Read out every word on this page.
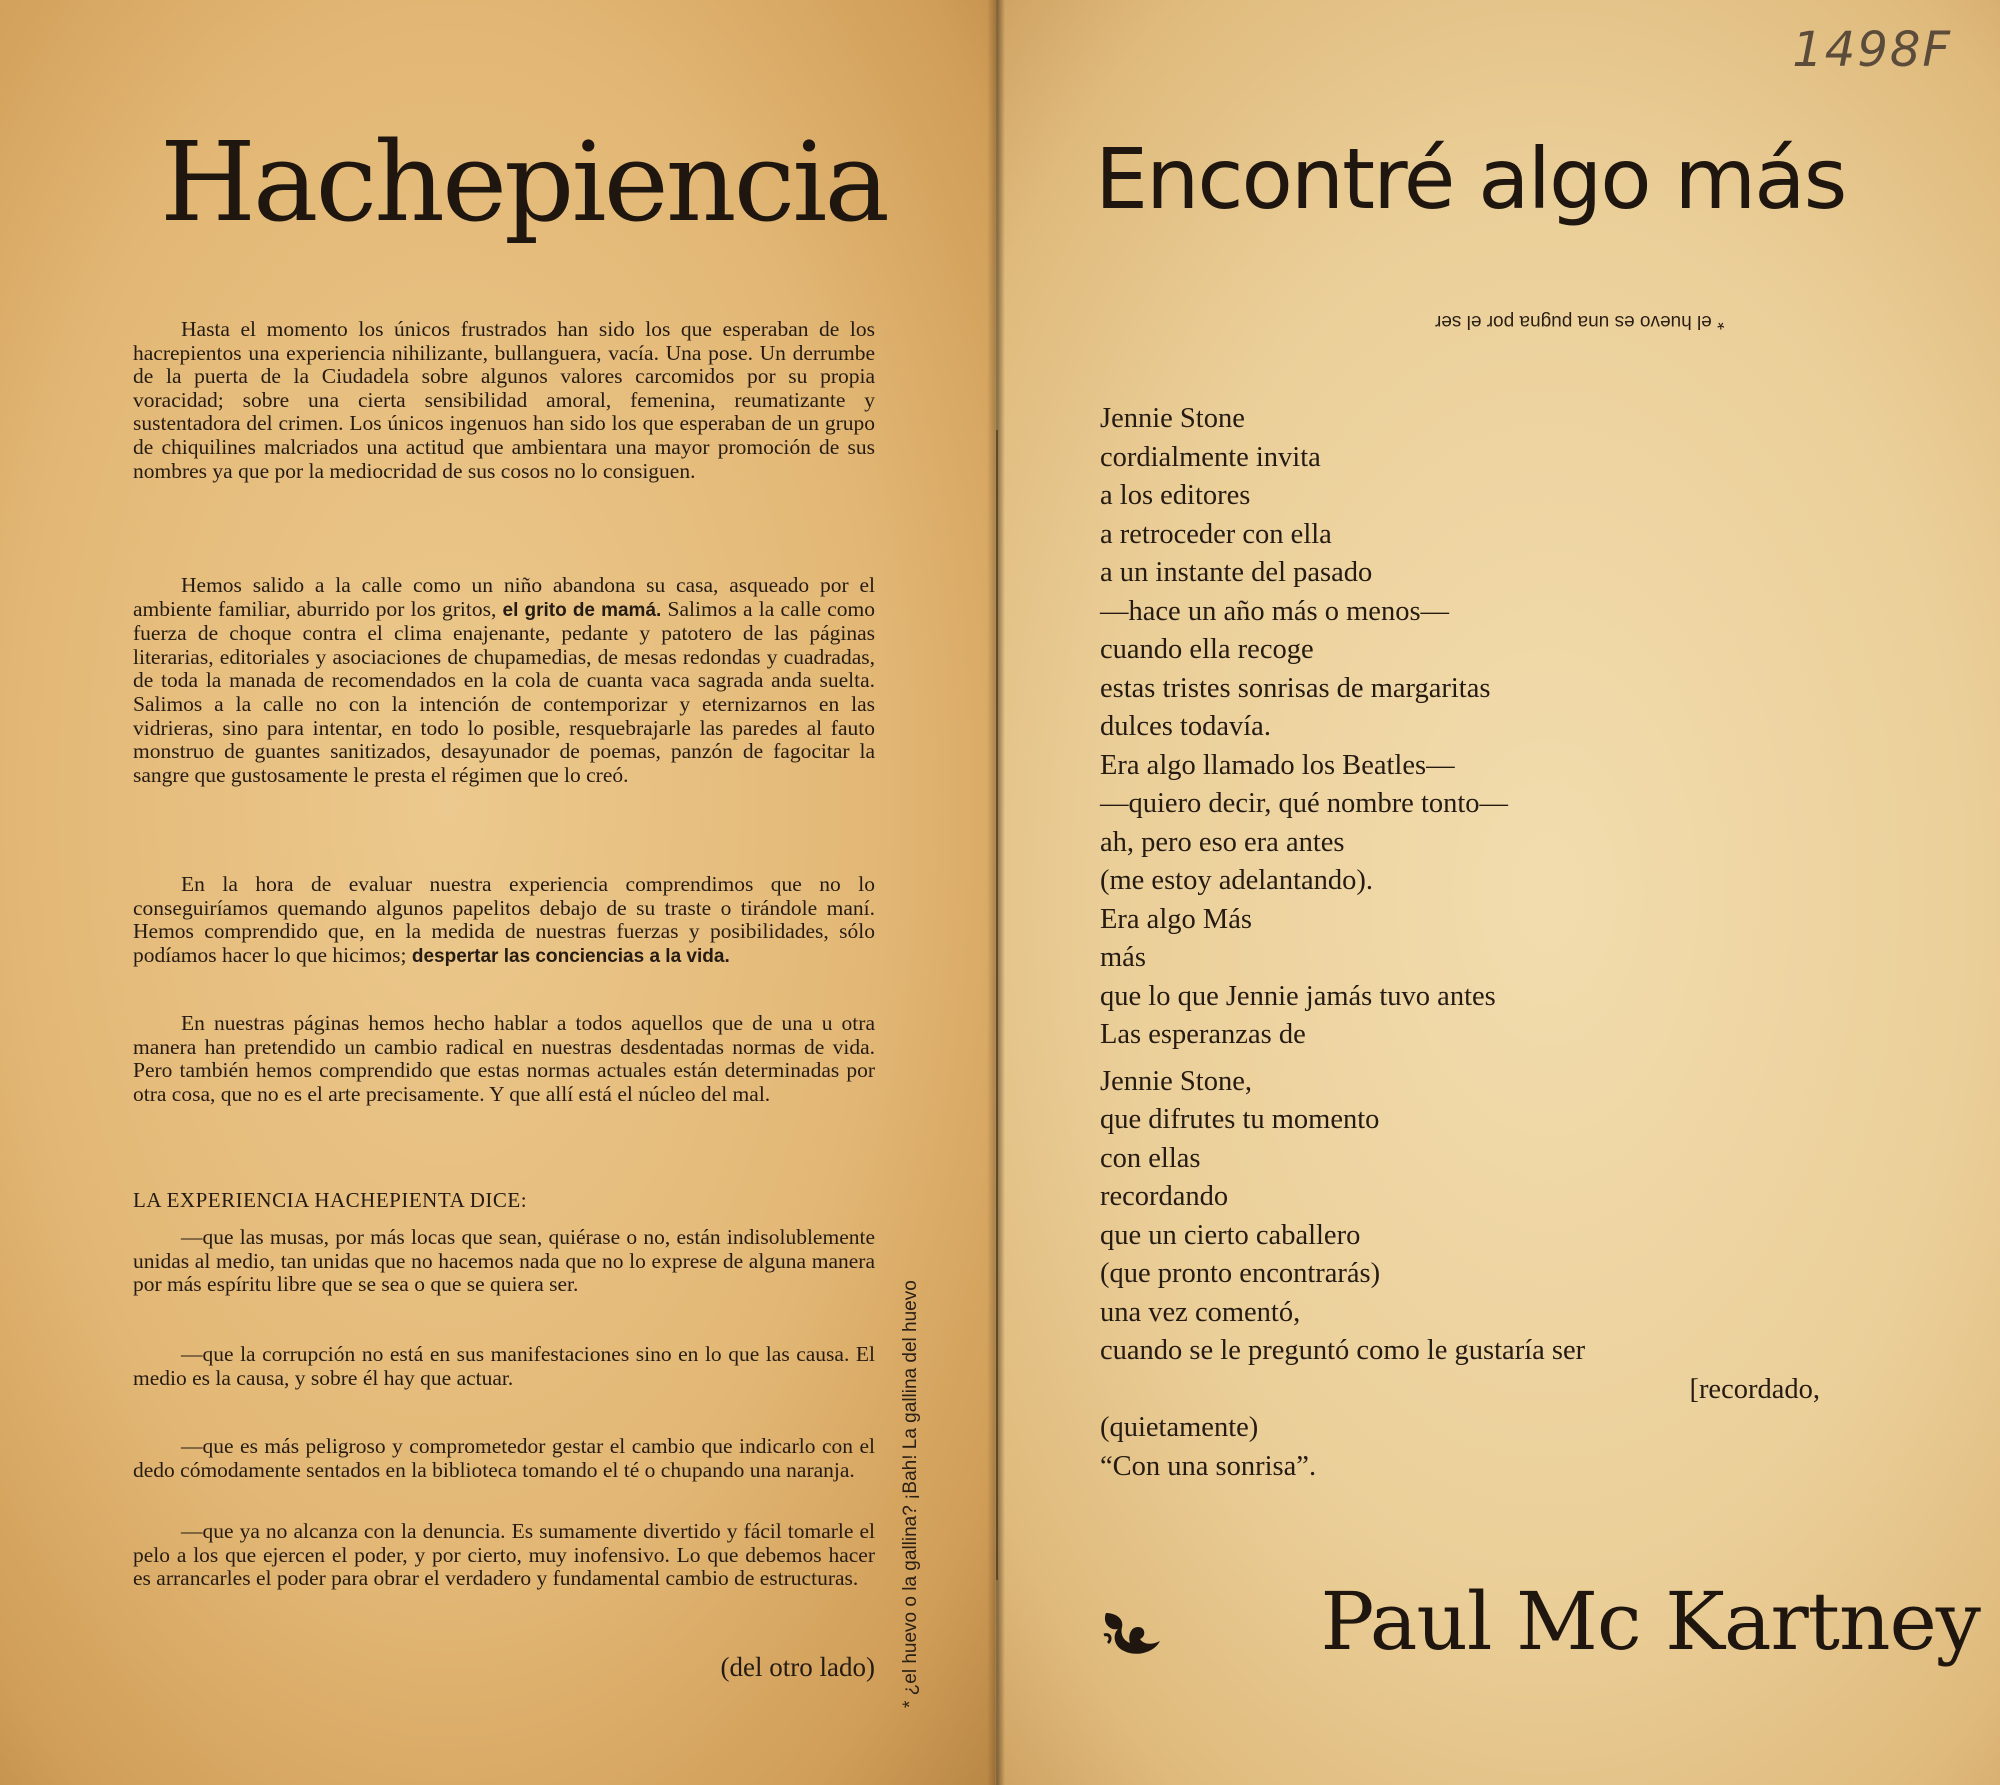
Hachepiencia

Hasta el momento los únicos frustrados han sido los que esperaban de los hacrepientos una experiencia nihilizante, bullanguera, vacía. Una pose. Un derrumbe de la puerta de la Ciudadela sobre algunos valores carcomidos por su propia voracidad; sobre una cierta sensibilidad amoral, femenina, reumatizante y sustentadora del crimen. Los únicos ingenuos han sido los que esperaban de un grupo de chiquilines malcriados una actitud que ambientara una mayor promoción de sus nombres ya que por la mediocridad de sus cosos no lo consiguen.

Hemos salido a la calle como un niño abandona su casa, asqueado por el ambiente familiar, aburrido por los gritos, el grito de mamá. Salimos a la calle como fuerza de choque contra el clima enajenante, pedante y patotero de las páginas literarias, editoriales y asociaciones de chupamedias, de mesas redondas y cuadradas, de toda la manada de recomendados en la cola de cuanta vaca sagrada anda suelta. Salimos a la calle no con la intención de contemporizar y eternizarnos en las vidrieras, sino para intentar, en todo lo posible, resquebrajarle las paredes al fauto monstruo de guantes sanitizados, desayunador de poemas, panzón de fagocitar la sangre que gustosamente le presta el régimen que lo creó.

En la hora de evaluar nuestra experiencia comprendimos que no lo conseguiríamos quemando algunos papelitos debajo de su traste o tirándole maní. Hemos comprendido que, en la medida de nuestras fuerzas y posibilidades, sólo podíamos hacer lo que hicimos; despertar las conciencias a la vida.

En nuestras páginas hemos hecho hablar a todos aquellos que de una u otra manera han pretendido un cambio radical en nuestras desdentadas normas de vida. Pero también hemos comprendido que estas normas actuales están determinadas por otra cosa, que no es el arte precisamente. Y que allí está el núcleo del mal.

LA EXPERIENCIA HACHEPIENTA DICE:

—que las musas, por más locas que sean, quiérase o no, están indisolublemente unidas al medio, tan unidas que no hacemos nada que no lo exprese de alguna manera por más espíritu libre que se sea o que se quiera ser.

—que la corrupción no está en sus manifestaciones sino en lo que las causa. El medio es la causa, y sobre él hay que actuar.

—que es más peligroso y comprometedor gestar el cambio que indicarlo con el dedo cómodamente sentados en la biblioteca tomando el té o chupando una naranja.

—que ya no alcanza con la denuncia. Es sumamente divertido y fácil tomarle el pelo a los que ejercen el poder, y por cierto, muy inofensivo. Lo que debemos hacer es arrancarles el poder para obrar el verdadero y fundamental cambio de estructuras.

(del otro lado) * ¿el huevo o la gallina? ¡Bah! La gallina del huevo
1498F
Encontré algo más
* el huevo es una pugna por el ser
Jennie Stone
cordialmente invita
a los editores
a retroceder con ella
a un instante del pasado
—hace un año más o menos—
cuando ella recoge
estas tristes sonrisas de margaritas
dulces todavía.
Era algo llamado los Beatles—
—quiero decir, qué nombre tonto—
ah, pero eso era antes
(me estoy adelantando).
Era algo Más
más
que lo que Jennie jamás tuvo antes
Las esperanzas de
Jennie Stone,
que difrutes tu momento
con ellas
recordando
que un cierto caballero
(que pronto encontrarás)
una vez comentó,
cuando se le preguntó como le gustaría ser
[recordado,
(quietamente)
“Con una sonrisa”.
Paul Mc Kartney
